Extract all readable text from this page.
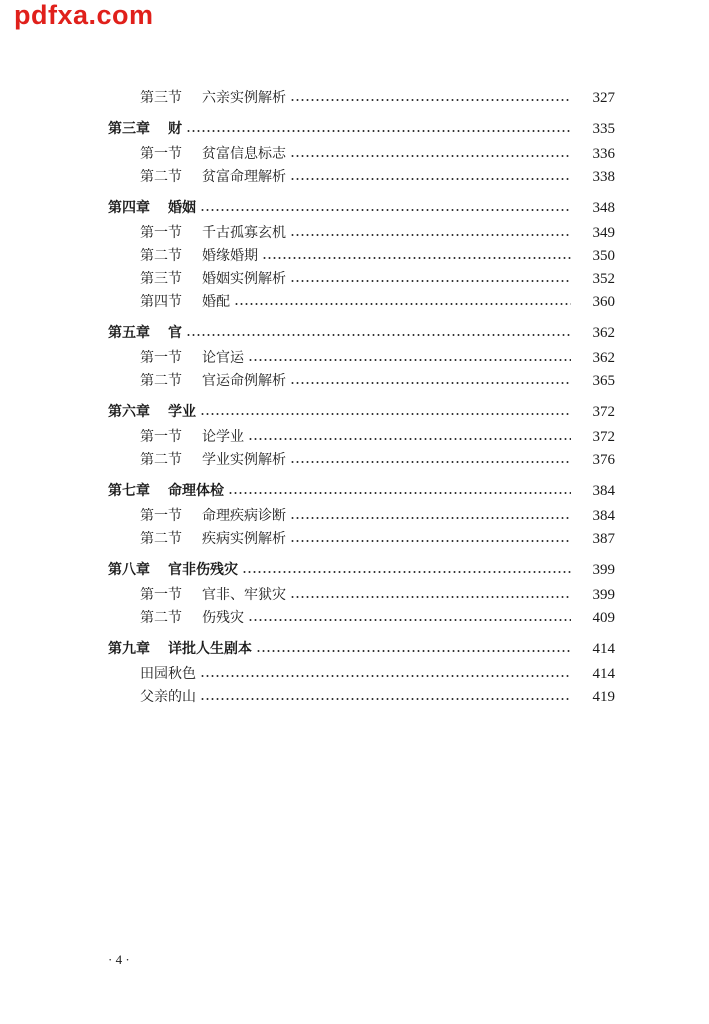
pdfxa.com
第三节 六亲实例解析	327
第三章 财	335
第一节 贫富信息标志	336
第二节 贫富命理解析	338
第四章 婚姻	348
第一节 千古孤寡玄机	349
第二节 婚缘婚期	350
第三节 婚姻实例解析	352
第四节 婚配	360
第五章 官	362
第一节 论官运	362
第二节 官运命例解析	365
第六章 学业	372
第一节 论学业	372
第二节 学业实例解析	376
第七章 命理体检	384
第一节 命理疾病诊断	384
第二节 疾病实例解析	387
第八章 官非伤残灾	399
第一节 官非、牢狱灾	399
第二节 伤残灾	409
第九章 详批人生剧本	414
田园秋色	414
父亲的山	419
· 4 ·
